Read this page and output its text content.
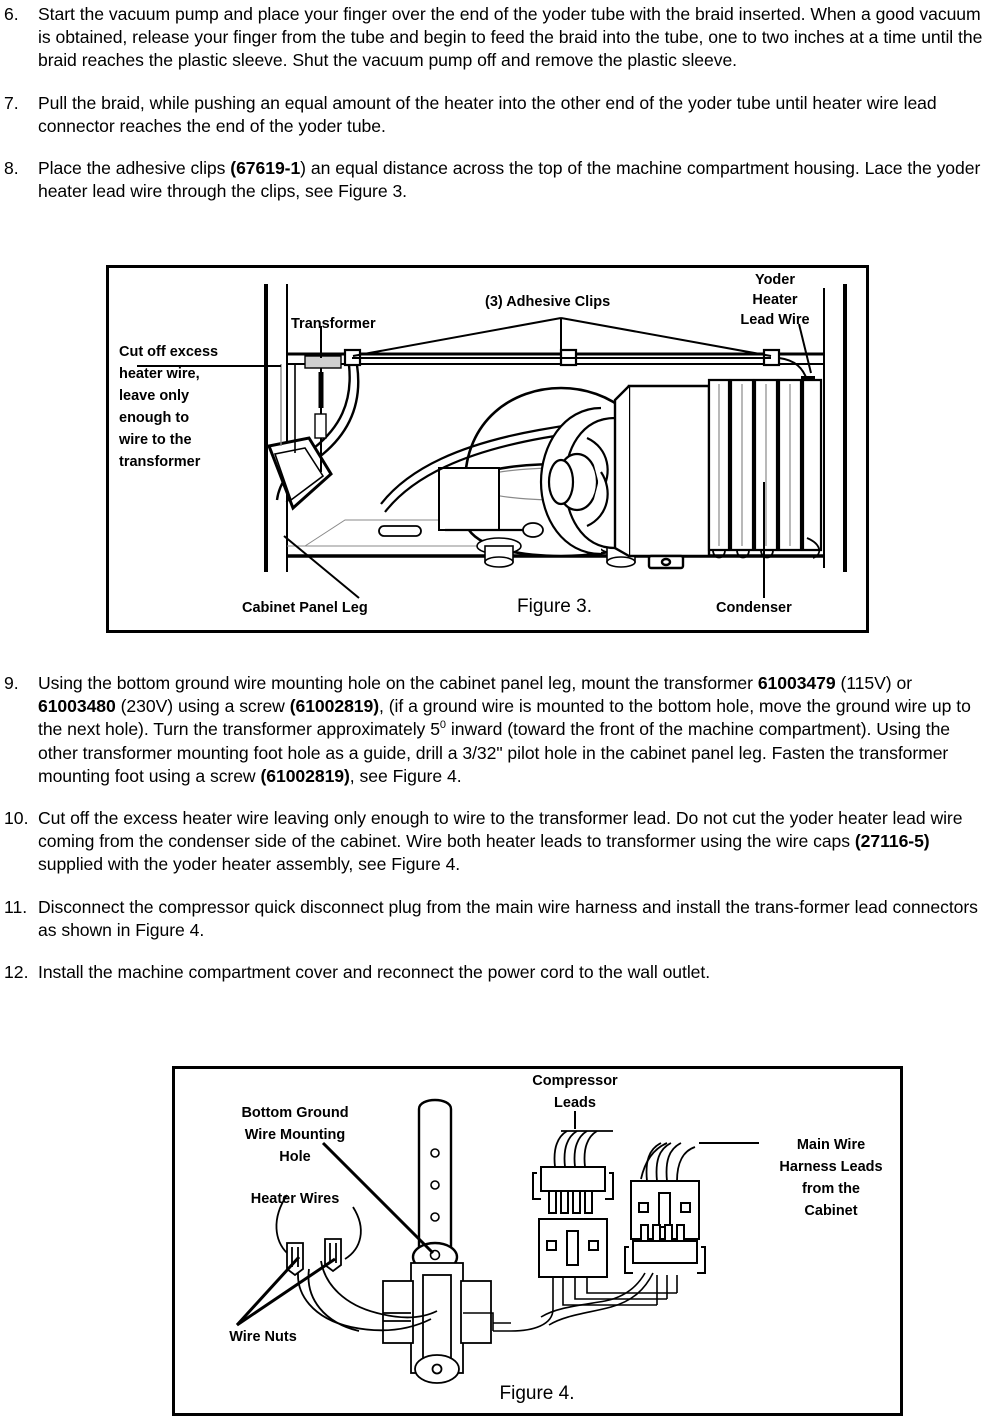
6.	Start the vacuum pump and place your finger over the end of the yoder tube with the braid inserted. When a good vacuum is obtained, release your finger from the tube and begin to feed the braid into the tube, one to two inches at a time until the braid reaches the plastic sleeve. Shut the vacuum pump off and remove the plastic sleeve.
7.	Pull the braid, while pushing an equal amount of the heater into the other end of the yoder tube until heater wire lead connector reaches the end of the yoder tube.
8.	Place the adhesive clips (67619-1) an equal distance across the top of the machine compartment housing. Lace the yoder heater lead wire through the clips, see Figure 3.
Transformer
(3) Adhesive Clips
Yoder
Heater
Lead Wire
Cut off excess
heater wire,
leave only
enough to
wire to the
transformer
Cabinet Panel Leg	Figure 3.	Condenser
9.	Using the bottom ground wire mounting hole on the cabinet panel leg, mount the transformer 61003479 (115V) or 61003480 (230V) using a screw (61002819), (if a ground wire is mounted to the bottom hole, move the ground wire up to the next hole). Turn the transformer approximately $5^0$ inward (toward the front of the machine compartment). Using the other transformer mounting foot hole as a guide, drill a 3/32" pilot hole in the cabinet panel leg. Fasten the transformer mounting foot using a screw (61002819), see Figure 4.
10. Cut off the excess heater wire leaving only enough to wire to the transformer lead. Do not cut the yoder heater lead wire coming from the condenser side of the cabinet. Wire both heater leads to transformer using the wire caps (27116-5) supplied with the yoder heater assembly, see Figure 4.
11. Disconnect the compressor quick disconnect plug from the main wire harness and install the trans-former lead connectors as shown in Figure 4.
12. Install the machine compartment cover and reconnect the power cord to the wall outlet.
Bottom Ground
Wire Mounting
Hole
Heater Wires
Wire Nuts
Compressor
Leads
Main Wire
Harness Leads
from the
Cabinet
Figure 4.
